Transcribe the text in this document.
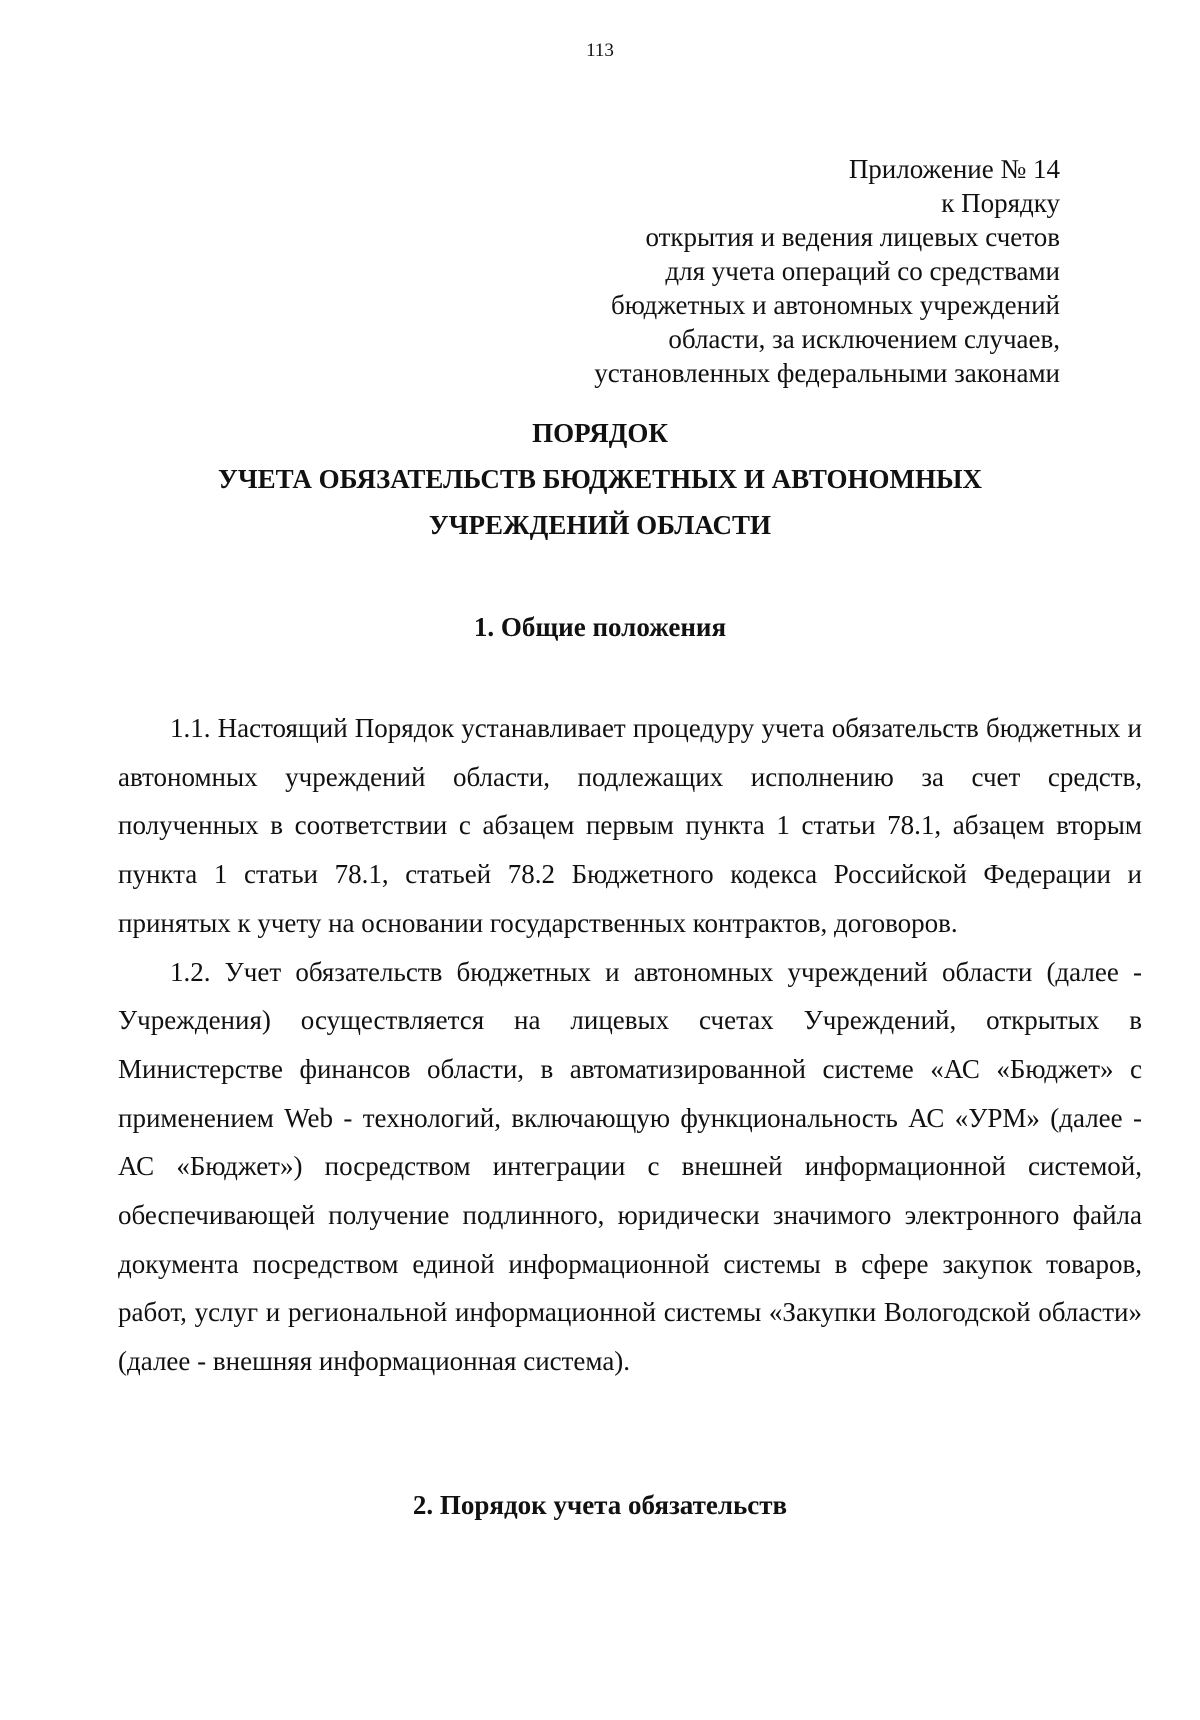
113
Приложение № 14
к Порядку
открытия и ведения лицевых счетов
для учета операций со средствами
бюджетных и автономных учреждений
области, за исключением случаев,
установленных федеральными законами
ПОРЯДОК
УЧЕТА ОБЯЗАТЕЛЬСТВ БЮДЖЕТНЫХ И АВТОНОМНЫХ
УЧРЕЖДЕНИЙ ОБЛАСТИ
1. Общие положения

1.1. Настоящий Порядок устанавливает процедуру учета обязательств бюджетных и автономных учреждений области, подлежащих исполнению за счет средств, полученных в соответствии с абзацем первым пункта 1 статьи 78.1, абзацем вторым пункта 1 статьи 78.1, статьей 78.2 Бюджетного кодекса Российской Федерации и принятых к учету на основании государственных контрактов, договоров.

1.2. Учет обязательств бюджетных и автономных учреждений области (далее - Учреждения) осуществляется на лицевых счетах Учреждений, открытых в Министерстве финансов области, в автоматизированной системе «АС «Бюджет» с применением Web - технологий, включающую функциональность АС «УРМ» (далее - АС «Бюджет») посредством интеграции с внешней информационной системой, обеспечивающей получение подлинного, юридически значимого электронного файла документа посредством единой информационной системы в сфере закупок товаров, работ, услуг и региональной информационной системы «Закупки Вологодской области» (далее - внешняя информационная система).

2. Порядок учета обязательств
